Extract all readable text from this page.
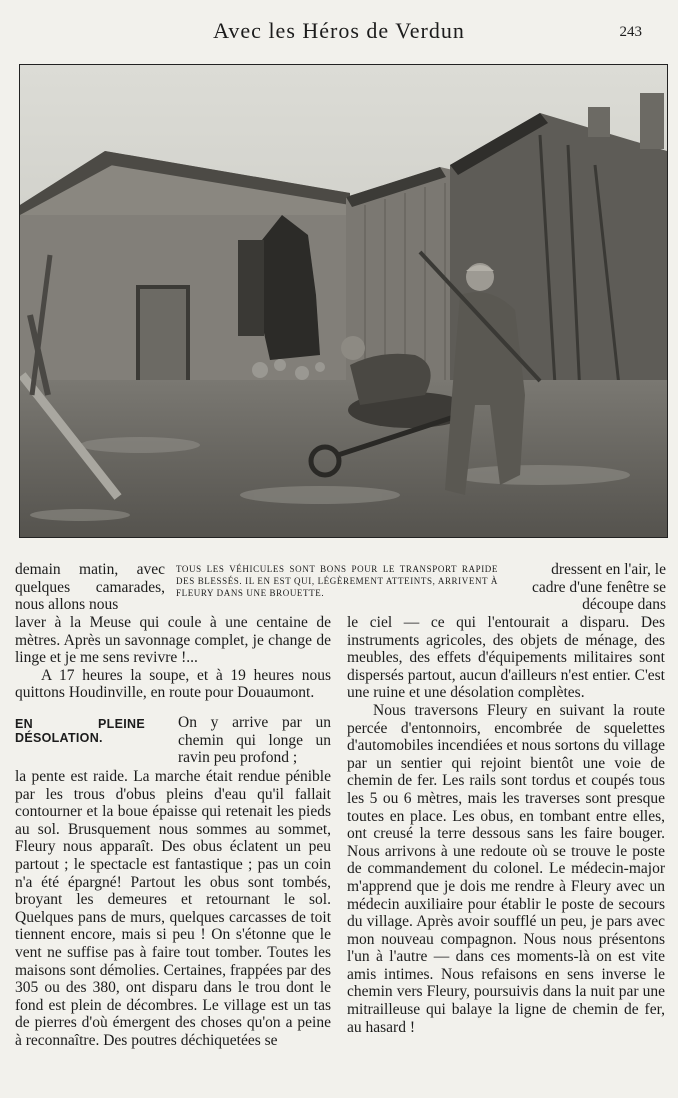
Avec les Héros de Verdun	243
demain matin, avec quelques camarades, nous allons nous
TOUS LES VÉHICULES SONT BONS POUR LE TRANSPORT RAPIDE DES BLESSÉS. IL EN EST QUI, LÉGÈREMENT ATTEINTS, ARRIVENT À FLEURY DANS UNE BROUETTE.
dressent en l'air, le cadre d'une fenêtre se découpe dans

laver à la Meuse qui coule à une centaine de mètres. Après un savonnage complet, je change de linge et je me sens revivre !...

A 17 heures la soupe, et à 19 heures nous quittons Houdinville, en route pour Douaumont.

EN PLEINE DÉSOLATION.
On y arrive par un chemin qui longe un ravin peu profond ;

la pente est raide. La marche était rendue pénible par les trous d'obus pleins d'eau qu'il fallait contourner et la boue épaisse qui retenait les pieds au sol. Brusquement nous sommes au sommet, Fleury nous apparaît. Des obus éclatent un peu partout ; le spectacle est fantastique ; pas un coin n'a été épargné! Partout les obus sont tombés, broyant les demeures et retournant le sol. Quelques pans de murs, quelques carcasses de toit tiennent encore, mais si peu ! On s'étonne que le vent ne suffise pas à faire tout tomber. Toutes les maisons sont démolies. Certaines, frappées par des 305 ou des 380, ont disparu dans le trou dont le fond est plein de décombres. Le village est un tas de pierres d'où émergent des choses qu'on a peine à reconnaître. Des poutres déchiquetées se

le ciel — ce qui l'entourait a disparu. Des instruments agricoles, des objets de ménage, des meubles, des effets d'équipements militaires sont dispersés partout, aucun d'ailleurs n'est entier. C'est une ruine et une désolation complètes.

Nous traversons Fleury en suivant la route percée d'entonnoirs, encombrée de squelettes d'automobiles incendiées et nous sortons du village par un sentier qui rejoint bientôt une voie de chemin de fer. Les rails sont tordus et coupés tous les 5 ou 6 mètres, mais les traverses sont presque toutes en place. Les obus, en tombant entre elles, ont creusé la terre dessous sans les faire bouger. Nous arrivons à une redoute où se trouve le poste de commandement du colonel. Le médecin-major m'apprend que je dois me rendre à Fleury avec un médecin auxiliaire pour établir le poste de secours du village. Après avoir soufflé un peu, je pars avec mon nouveau compagnon. Nous nous présentons l'un à l'autre — dans ces moments-là on est vite amis intimes. Nous refaisons en sens inverse le chemin vers Fleury, poursuivis dans la nuit par une mitrailleuse qui balaye la ligne de chemin de fer, au hasard !
